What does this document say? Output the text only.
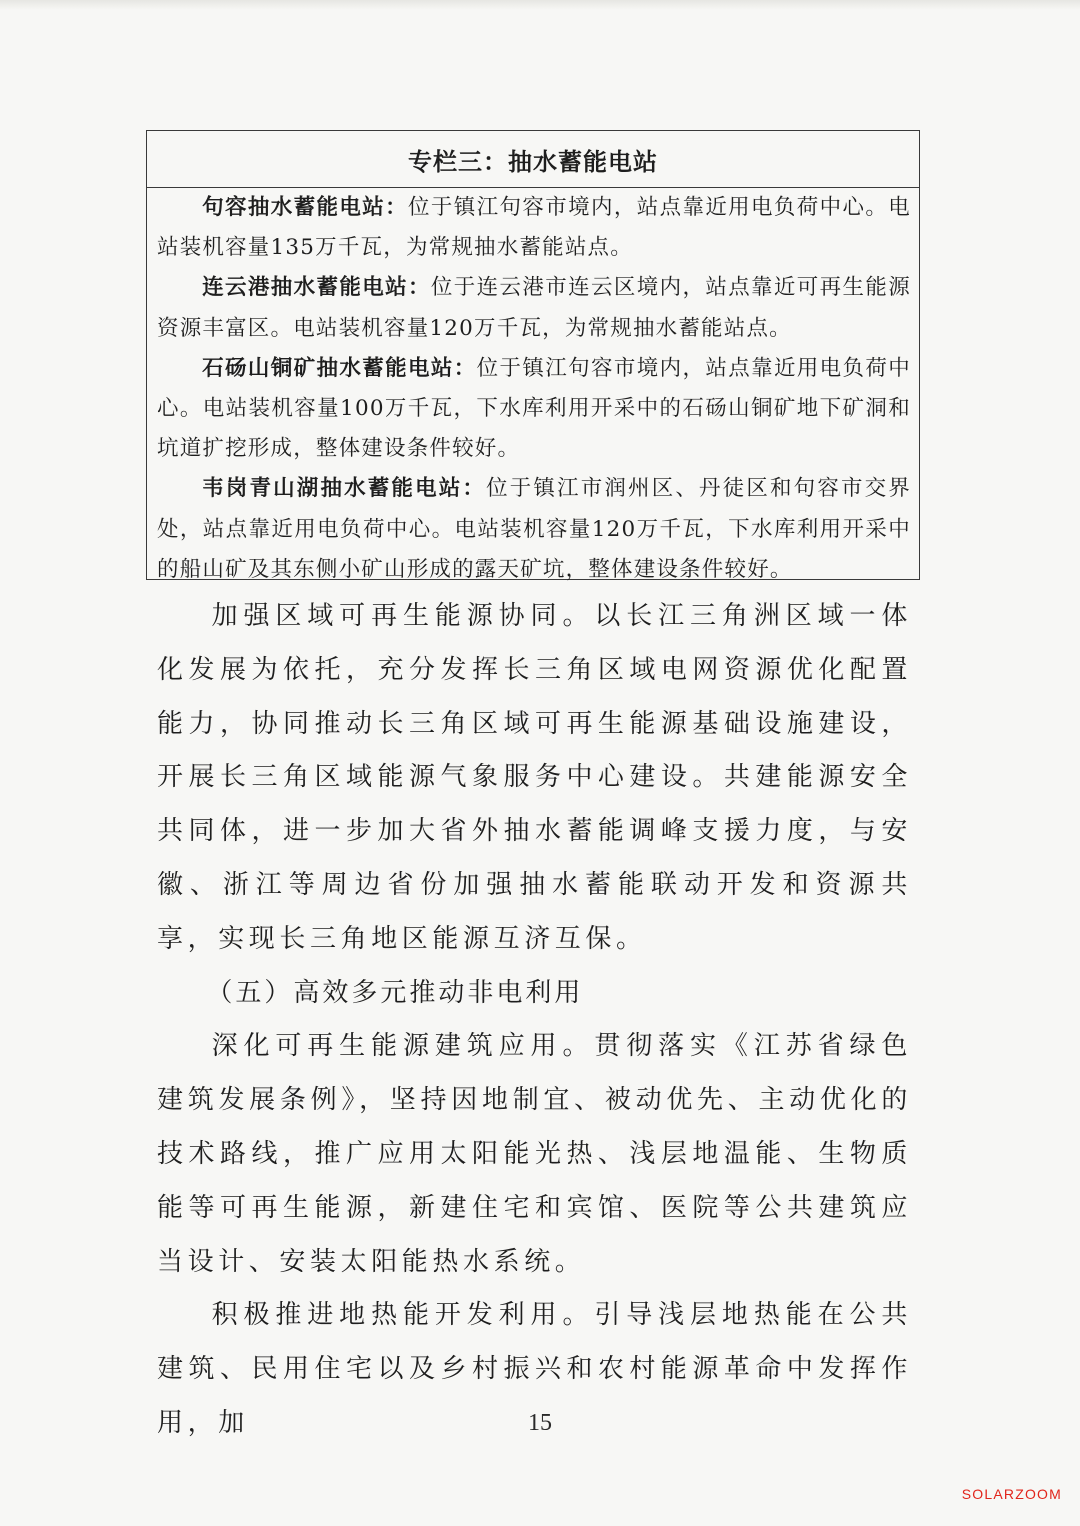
专栏三：抽水蓄能电站

句容抽水蓄能电站：位于镇江句容市境内，站点靠近用电负荷中心。电站装机容量135万千瓦，为常规抽水蓄能站点。

连云港抽水蓄能电站：位于连云港市连云区境内，站点靠近可再生能源资源丰富区。电站装机容量120万千瓦，为常规抽水蓄能站点。

石砀山铜矿抽水蓄能电站：位于镇江句容市境内，站点靠近用电负荷中心。电站装机容量100万千瓦，下水库利用开采中的石砀山铜矿地下矿洞和坑道扩挖形成，整体建设条件较好。

韦岗青山湖抽水蓄能电站：位于镇江市润州区、丹徒区和句容市交界处，站点靠近用电负荷中心。电站装机容量120万千瓦，下水库利用开采中的船山矿及其东侧小矿山形成的露天矿坑，整体建设条件较好。

加强区域可再生能源协同。以长江三角洲区域一体化发展为依托，充分发挥长三角区域电网资源优化配置能力，协同推动长三角区域可再生能源基础设施建设，开展长三角区域能源气象服务中心建设。共建能源安全共同体，进一步加大省外抽水蓄能调峰支援力度，与安徽、浙江等周边省份加强抽水蓄能联动开发和资源共享，实现长三角地区能源互济互保。

（五）高效多元推动非电利用

深化可再生能源建筑应用。贯彻落实《江苏省绿色建筑发展条例》，坚持因地制宜、被动优先、主动优化的技术路线，推广应用太阳能光热、浅层地温能、生物质能等可再生能源，新建住宅和宾馆、医院等公共建筑应当设计、安装太阳能热水系统。

积极推进地热能开发利用。引导浅层地热能在公共建筑、民用住宅以及乡村振兴和农村能源革命中发挥作用，加	15
SOLARZOOM
